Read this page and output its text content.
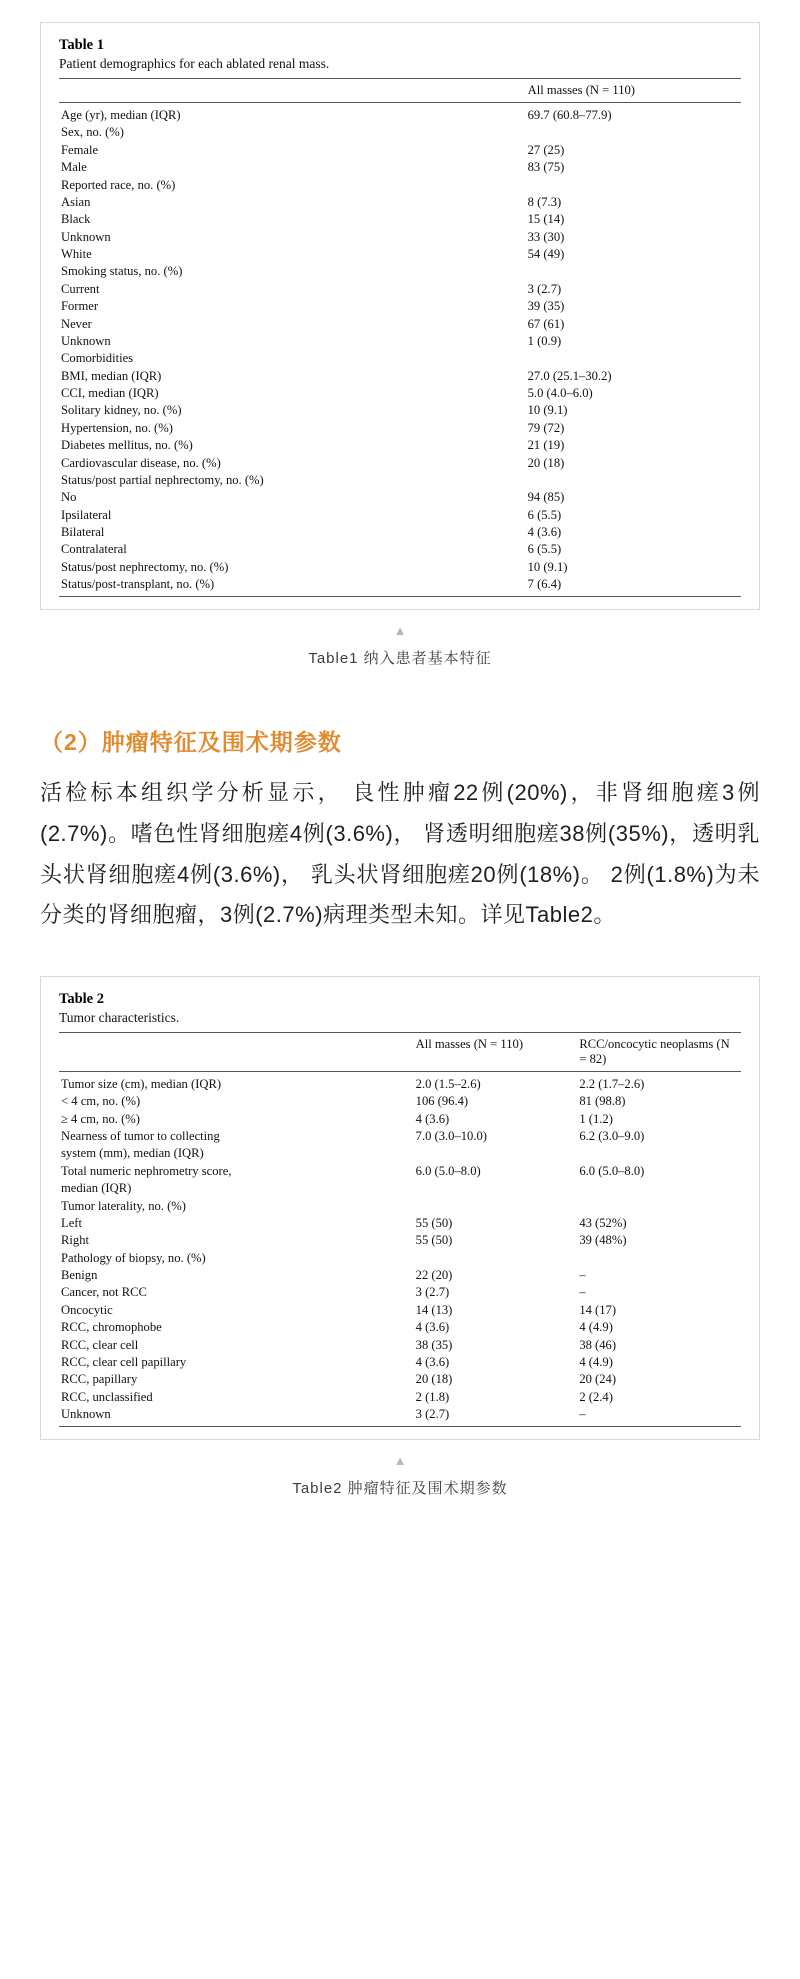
Table 1
Patient demographics for each ablated renal mass.
	All masses (N = 110)
Age (yr), median (IQR)	69.7 (60.8–77.9)
Sex, no. (%)	
Female	27 (25)
Male	83 (75)
Reported race, no. (%)	
Asian	8 (7.3)
Black	15 (14)
Unknown	33 (30)
White	54 (49)
Smoking status, no. (%)	
Current	3 (2.7)
Former	39 (35)
Never	67 (61)
Unknown	1 (0.9)
Comorbidities	
BMI, median (IQR)	27.0 (25.1–30.2)
CCI, median (IQR)	5.0 (4.0–6.0)
Solitary kidney, no. (%)	10 (9.1)
Hypertension, no. (%)	79 (72)
Diabetes mellitus, no. (%)	21 (19)
Cardiovascular disease, no. (%)	20 (18)
Status/post partial nephrectomy, no. (%)	
No	94 (85)
Ipsilateral	6 (5.5)
Bilateral	4 (3.6)
Contralateral	6 (5.5)
Status/post nephrectomy, no. (%)	10 (9.1)
Status/post-transplant, no. (%)	7 (6.4)
▲
Table1 纳入患者基本特征
（2）肿瘤特征及围术期参数
活检标本组织学分析显示， 良性肿瘤22例(20%)，非肾细胞瘥3例(2.7%)。嗜色性肾细胞瘥4例(3.6%)， 肾透明细胞瘥38例(35%)，透明乳头状肾细胞瘥4例(3.6%)， 乳头状肾细胞瘥20例(18%)。 2例(1.8%)为未分类的肾细胞瘤，3例(2.7%)病理类型未知。详见Table2。
Table 2
Tumor characteristics.
	All masses (N = 110)	RCC/oncocytic neoplasms (N = 82)
Tumor size (cm), median (IQR)	2.0 (1.5–2.6)	2.2 (1.7–2.6)
< 4 cm, no. (%)	106 (96.4)	81 (98.8)
≥ 4 cm, no. (%)	4 (3.6)	1 (1.2)
Nearness of tumor to collecting	7.0 (3.0–10.0)	6.2 (3.0–9.0)
system (mm), median (IQR)		
Total numeric nephrometry score,	6.0 (5.0–8.0)	6.0 (5.0–8.0)
median (IQR)		
Tumor laterality, no. (%)		
Left	55 (50)	43 (52%)
Right	55 (50)	39 (48%)
Pathology of biopsy, no. (%)		
Benign	22 (20)	–
Cancer, not RCC	3 (2.7)	–
Oncocytic	14 (13)	14 (17)
RCC, chromophobe	4 (3.6)	4 (4.9)
RCC, clear cell	38 (35)	38 (46)
RCC, clear cell papillary	4 (3.6)	4 (4.9)
RCC, papillary	20 (18)	20 (24)
RCC, unclassified	2 (1.8)	2 (2.4)
Unknown	3 (2.7)	–
▲
Table2 肿瘤特征及围术期参数
